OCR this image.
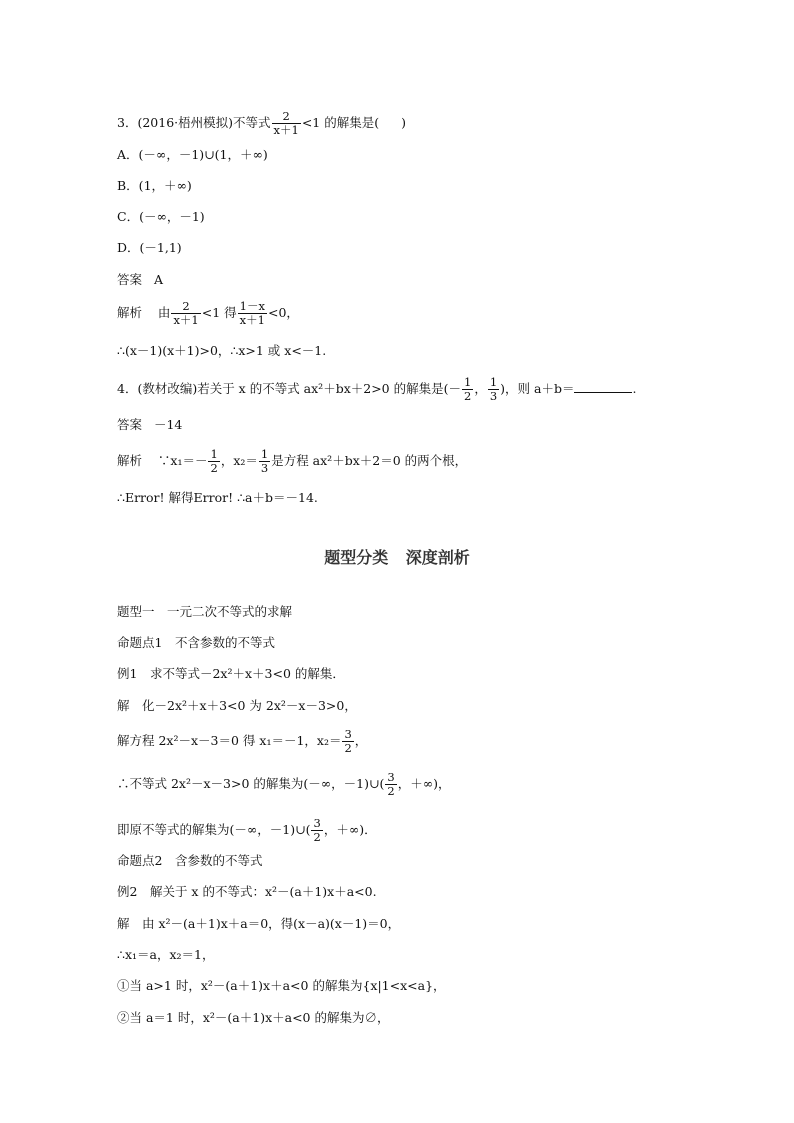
3．(2016·梧州模拟)不等式 $\frac{2}{x+1} <1$ 的解集是( )
A．(－∞，－1)∪(1，＋∞)
B．(1，＋∞)
C．(－∞，－1)
D．(－1,1)
答案 A
解析 由 $\frac{2}{x+1} <1$ 得 $\frac{1-x}{x+1} <0$，
∴(x－1)(x＋1)>0，∴x>1 或 x<－1.
4．(教材改编)若关于 x 的不等式 ax²＋bx＋2>0 的解集是(－ $\frac{1}{2}$ ， $\frac{1}{3}$ )，则 a＋b＝	.
答案 －14
解析 ∵x₁＝－ $\frac{1}{2}$ ，$x_2= \frac{1}{3}$ 是方程 ax²＋bx＋2＝0 的两个根，
∴Error! 解得Error! ∴a＋b＝－14.
题型分类 深度剖析
题型一　一元二次不等式的求解
命题点1　不含参数的不等式
例1　求不等式－2x²＋x＋3<0 的解集．
解　化－2x²＋x＋3<0 为 2x²－x－3>0，
解方程 2x²－x－3＝0 得 x₁＝－1，$x_2= \frac{3}{2}$ ，
∴不等式 2x²－x－3>0 的解集为(－∞，－1)∪( $\frac{3}{2}$ ，＋∞)，
即原不等式的解集为(－∞，－1)∪( $\frac{3}{2}$ ，＋∞)．
命题点2　含参数的不等式
例2　解关于 x 的不等式：x²－(a＋1)x＋a<0.
解　由 x²－(a＋1)x＋a＝0，得(x－a)(x－1)＝0，
∴x₁＝a，x₂＝1，
①当 a>1 时，x²－(a＋1)x＋a<0 的解集为{x|1<x<a}，
②当 a＝1 时，x²－(a＋1)x＋a<0 的解集为∅，
